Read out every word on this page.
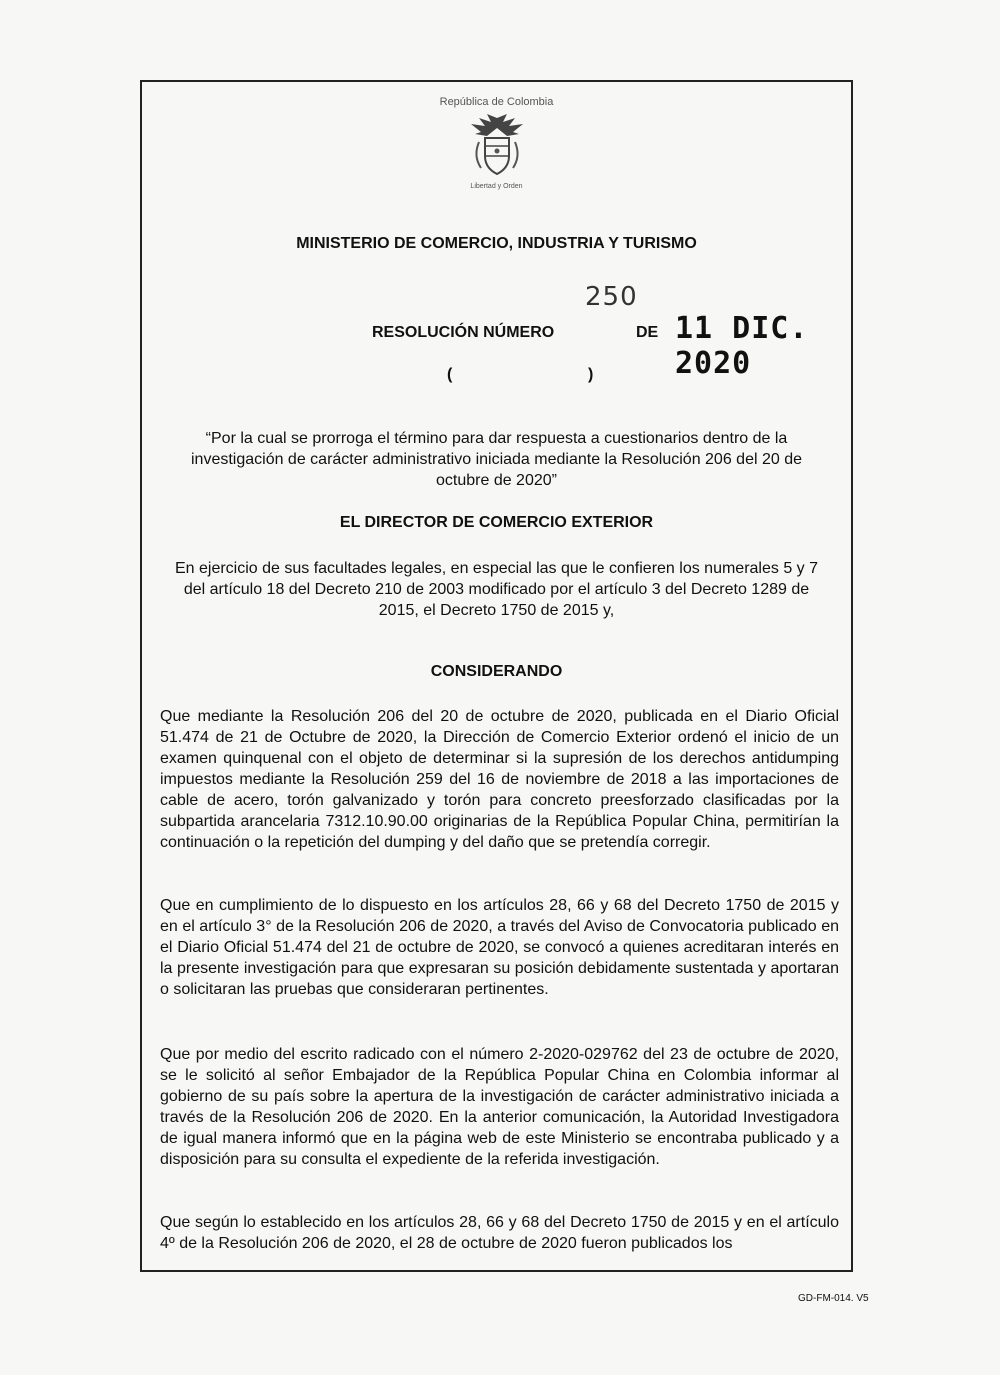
República de Colombia
Libertad y Orden
MINISTERIO DE COMERCIO, INDUSTRIA Y TURISMO
250
RESOLUCIÓN NÚMERO	DE 11 DIC. 2020
(	)
“Por la cual se prorroga el término para dar respuesta a cuestionarios dentro de la investigación de carácter administrativo iniciada mediante la Resolución 206 del 20 de octubre de 2020”
EL DIRECTOR DE COMERCIO EXTERIOR
En ejercicio de sus facultades legales, en especial las que le confieren los numerales 5 y 7 del artículo 18 del Decreto 210 de 2003 modificado por el artículo 3 del Decreto 1289 de 2015, el Decreto 1750 de 2015 y,
CONSIDERANDO
Que mediante la Resolución 206 del 20 de octubre de 2020, publicada en el Diario Oficial 51.474 de 21 de Octubre de 2020, la Dirección de Comercio Exterior ordenó el inicio de un examen quinquenal con el objeto de determinar si la supresión de los derechos antidumping impuestos mediante la Resolución 259 del 16 de noviembre de 2018 a las importaciones de cable de acero, torón galvanizado y torón para concreto preesforzado clasificadas por la subpartida arancelaria 7312.10.90.00 originarias de la República Popular China, permitirían la continuación o la repetición del dumping y del daño que se pretendía corregir.
Que en cumplimiento de lo dispuesto en los artículos 28, 66 y 68 del Decreto 1750 de 2015 y en el artículo 3° de la Resolución 206 de 2020, a través del Aviso de Convocatoria publicado en el Diario Oficial 51.474 del 21 de octubre de 2020, se convocó a quienes acreditaran interés en la presente investigación para que expresaran su posición debidamente sustentada y aportaran o solicitaran las pruebas que consideraran pertinentes.
Que por medio del escrito radicado con el número 2-2020-029762 del 23 de octubre de 2020, se le solicitó al señor Embajador de la República Popular China en Colombia informar al gobierno de su país sobre la apertura de la investigación de carácter administrativo iniciada a través de la Resolución 206 de 2020. En la anterior comunicación, la Autoridad Investigadora de igual manera informó que en la página web de este Ministerio se encontraba publicado y a disposición para su consulta el expediente de la referida investigación.
Que según lo establecido en los artículos 28, 66 y 68 del Decreto 1750 de 2015 y en el artículo 4º de la Resolución 206 de 2020, el 28 de octubre de 2020 fueron publicados los
GD-FM-014. V5
